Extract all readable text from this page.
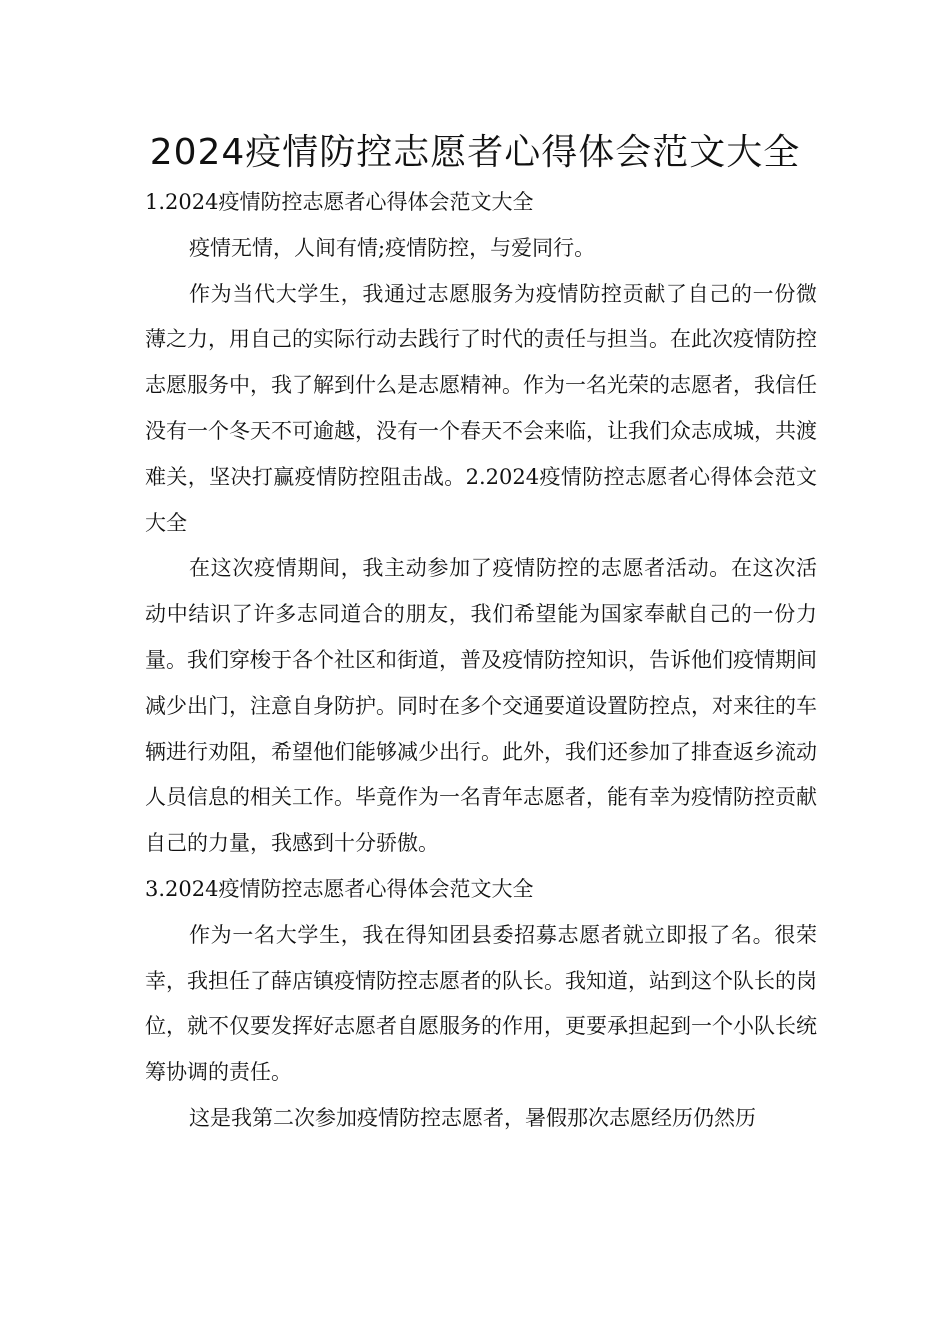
2024疫情防控志愿者心得体会范文大全

1.2024疫情防控志愿者心得体会范文大全

疫情无情，人间有情;疫情防控，与爱同行。

作为当代大学生，我通过志愿服务为疫情防控贡献了自己的一份微薄之力，用自己的实际行动去践行了时代的责任与担当。在此次疫情防控志愿服务中，我了解到什么是志愿精神。作为一名光荣的志愿者，我信任没有一个冬天不可逾越，没有一个春天不会来临，让我们众志成城，共渡难关，坚决打赢疫情防控阻击战。2.2024疫情防控志愿者心得体会范文大全

在这次疫情期间，我主动参加了疫情防控的志愿者活动。在这次活动中结识了许多志同道合的朋友，我们希望能为国家奉献自己的一份力量。我们穿梭于各个社区和街道，普及疫情防控知识，告诉他们疫情期间减少出门，注意自身防护。同时在多个交通要道设置防控点，对来往的车辆进行劝阻，希望他们能够减少出行。此外，我们还参加了排查返乡流动人员信息的相关工作。毕竟作为一名青年志愿者，能有幸为疫情防控贡献自己的力量，我感到十分骄傲。

3.2024疫情防控志愿者心得体会范文大全

作为一名大学生，我在得知团县委招募志愿者就立即报了名。很荣幸，我担任了薛店镇疫情防控志愿者的队长。我知道，站到这个队长的岗位，就不仅要发挥好志愿者自愿服务的作用，更要承担起到一个小队长统筹协调的责任。

这是我第二次参加疫情防控志愿者，暑假那次志愿经历仍然历
